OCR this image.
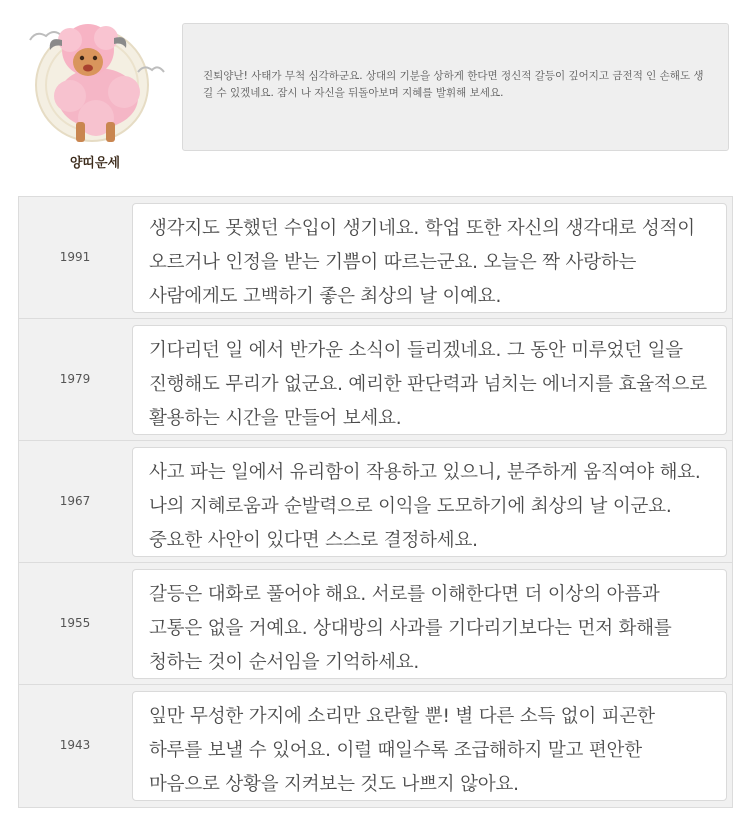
양띠운세
진퇴양난! 사태가 무척 심각하군요. 상대의 기분을 상하게 한다면 정신적 갈등이 깊어지고 금전적 인 손해도 생길 수 있겠네요. 잠시 나 자신을 뒤돌아보며 지혜를 발휘해 보세요.
1991
생각지도 못했던 수입이 생기네요. 학업 또한 자신의 생각대로 성적이 오르거나 인정을 받는 기쁨이 따르는군요. 오늘은 짝 사랑하는 사람에게도 고백하기 좋은 최상의 날 이예요.
1979
기다리던 일 에서 반가운 소식이 들리겠네요. 그 동안 미루었던 일을 진행해도 무리가 없군요. 예리한 판단력과 넘치는 에너지를 효율적으로 활용하는 시간을 만들어 보세요.
1967
사고 파는 일에서 유리함이 작용하고 있으니, 분주하게 움직여야 해요. 나의 지혜로움과 순발력으로 이익을 도모하기에 최상의 날 이군요. 중요한 사안이 있다면 스스로 결정하세요.
1955
갈등은 대화로 풀어야 해요. 서로를 이해한다면 더 이상의 아픔과 고통은 없을 거예요. 상대방의 사과를 기다리기보다는 먼저 화해를 청하는 것이 순서임을 기억하세요.
1943
잎만 무성한 가지에 소리만 요란할 뿐! 별 다른 소득 없이 피곤한 하루를 보낼 수 있어요. 이럴 때일수록 조급해하지 말고 편안한 마음으로 상황을 지켜보는 것도 나쁘지 않아요.
